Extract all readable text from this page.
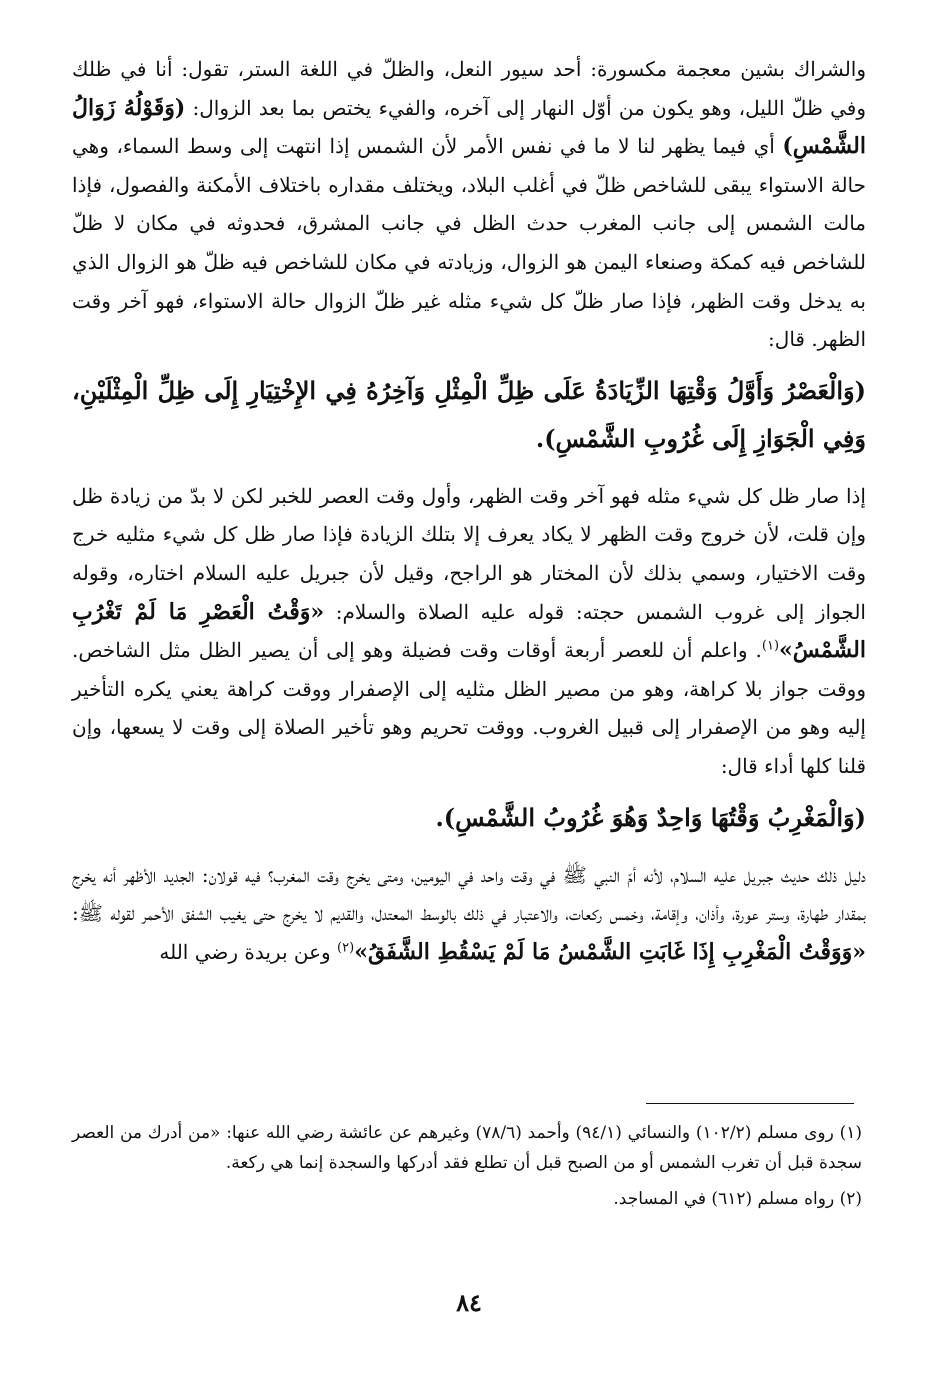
والشراك بشين معجمة مكسورة: أحد سيور النعل، والظلّ في اللغة الستر، تقول: أنا في ظلك وفي ظلّ الليل، وهو يكون من أوّل النهار إلى آخره، والفيء يختص بما بعد الزوال: (وَقَوْلُهُ زَوَالُ الشَّمْسِ) أي فيما يظهر لنا لا ما في نفس الأمر لأن الشمس إذا انتهت إلى وسط السماء، وهي حالة الاستواء يبقى للشاخص ظلّ في أغلب البلاد، ويختلف مقداره باختلاف الأمكنة والفصول، فإذا مالت الشمس إلى جانب المغرب حدث الظل في جانب المشرق، فحدوثه في مكان لا ظلّ للشاخص فيه كمكة وصنعاء اليمن هو الزوال، وزيادته في مكان للشاخص فيه ظلّ هو الزوال الذي به يدخل وقت الظهر، فإذا صار ظلّ كل شيء مثله غير ظلّ الزوال حالة الاستواء، فهو آخر وقت الظهر. قال:

(وَالْعَصْرُ وَأَوَّلُ وَقْتِهَا الزِّيَادَةُ عَلَى ظِلِّ الْمِثْلِ وَآخِرُهُ فِي الإِخْتِيَارِ إِلَى ظِلِّ الْمِثْلَيْنِ، وَفِي الْجَوَازِ إِلَى غُرُوبِ الشَّمْسِ).

إذا صار ظل كل شيء مثله فهو آخر وقت الظهر، وأول وقت العصر للخبر لكن لا بدّ من زيادة ظل وإن قلت، لأن خروج وقت الظهر لا يكاد يعرف إلا بتلك الزيادة فإذا صار ظل كل شيء مثليه خرج وقت الاختيار، وسمي بذلك لأن المختار هو الراجح، وقيل لأن جبريل عليه السلام اختاره، وقوله الجواز إلى غروب الشمس حجته: قوله عليه الصلاة والسلام: «وَقْتُ الْعَصْرِ مَا لَمْ تَغْرُبِ الشَّمْسُ»$^{(١)}$. واعلم أن للعصر أربعة أوقات وقت فضيلة وهو إلى أن يصير الظل مثل الشاخص. ووقت جواز بلا كراهة، وهو من مصير الظل مثليه إلى الإصفرار ووقت كراهة يعني يكره التأخير إليه وهو من الإصفرار إلى قبيل الغروب. ووقت تحريم وهو تأخير الصلاة إلى وقت لا يسعها، وإن قلنا كلها أداء قال:

(وَالْمَغْرِبُ وَقْتُهَا وَاحِدٌ وَهُوَ غُرُوبُ الشَّمْسِ).

دليل ذلك حديث جبريل عليه السلام، لأنه أمّ النبي ﷺ في وقت واحد في اليومين، ومتى يخرج وقت المغرب؟ فيه قولان: الجديد الأظهر أنه يخرج بمقدار طهارة، وستر عورة، وأذان، وإقامة، وخمس ركعات، والاعتبار في ذلك بالوسط المعتدل، والقديم لا يخرج حتى يغيب الشفق الأحمر لقوله ﷺ: «وَوَقْتُ الْمَغْرِبِ إِذَا غَابَتِ الشَّمْسُ مَا لَمْ يَسْقُطِ الشَّفَقُ»$^{(٢)}$ وعن بريدة رضي الله

(١) روى مسلم (١٠٢/٢) والنسائي (٩٤/١) وأحمد (٧٨/٦) وغيرهم عن عائشة رضي الله عنها: «من أدرك من العصر سجدة قبل أن تغرب الشمس أو من الصبح قبل أن تطلع فقد أدركها والسجدة إنما هي ركعة.

(٢) رواه مسلم (٦١٢) في المساجد.

٨٤
